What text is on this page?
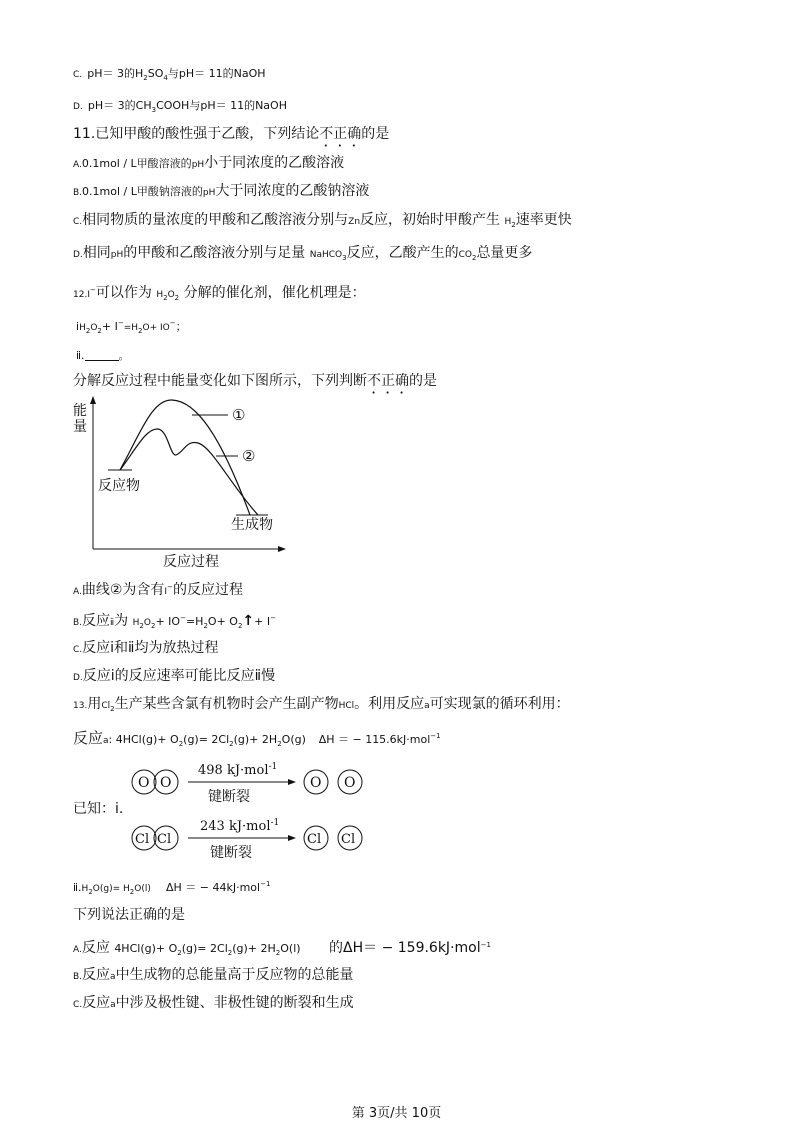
C. pH＝ 3的$H_2SO_4$与pH＝ 11的NaOH
D. pH＝ 3的$CH_3COOH$与pH＝ 11的NaOH
11.已知甲酸的酸性强于乙酸，下列结论不正确的是
A.0.1mol / L甲酸溶液的pH小于同浓度的乙酸溶液
B.0.1mol / L甲酸钠溶液的pH大于同浓度的乙酸钠溶液
C.相同物质的量浓度的甲酸和乙酸溶液分别与Zn反应，初始时甲酸产生 $H_2$速率更快
D.相同pH的甲酸和乙酸溶液分别与足量 NaHCO$_3$反应，乙酸产生的$CO_2$总量更多
12.I−可以作为 $H_2O_2$ 分解的催化剂，催化机理是：
$ⅰH_2O_2+ I^-=H_2O+ IO^-$；
ⅱ.	。
分解反应过程中能量变化如下图所示，下列判断不正确的是
能
量
反应过程
①
②
反应物
生成物
A.曲线②为含有I−的反应过程
B.反应ⅱ为 $H_2O_2+ IO^-=H_2O+$ $O_2↑+ I^-$
C.反应ⅰ和ⅱ均为放热过程
D.反应ⅰ的反应速率可能比反应ⅱ慢
13.用$Cl_2$生产某些含氯有机物时会产生副产物HCl。利用反应a可实现氯的循环利用：
反应a: $4HCl(g)+ O_2(g)= 2Cl_2(g)+ 2H_2O(g) \Delta H$ ＝ − 115.6kJ·mol$^{-1}$
已知：ⅰ.
O O
498 kJ·mol$^{-1}$
键断裂
O O
Cl Cl
243 kJ·mol$^{-1}$
键断裂
Cl Cl
$ⅱ.H_2O(g)= H_2O(l) \Delta H$ ＝ − 44kJ·mol$^{-1}$
下列说法正确的是
A.反应 $4HCl(g)+ O_2(g)= 2Cl_2(g)+ 2H_2O(l)$ 的ΔH＝ − 159.6kJ·mol$^{-1}$
B.反应a中生成物的总能量高于反应物的总能量
C.反应a中涉及极性键、非极性键的断裂和生成
第 3页/共 10页
